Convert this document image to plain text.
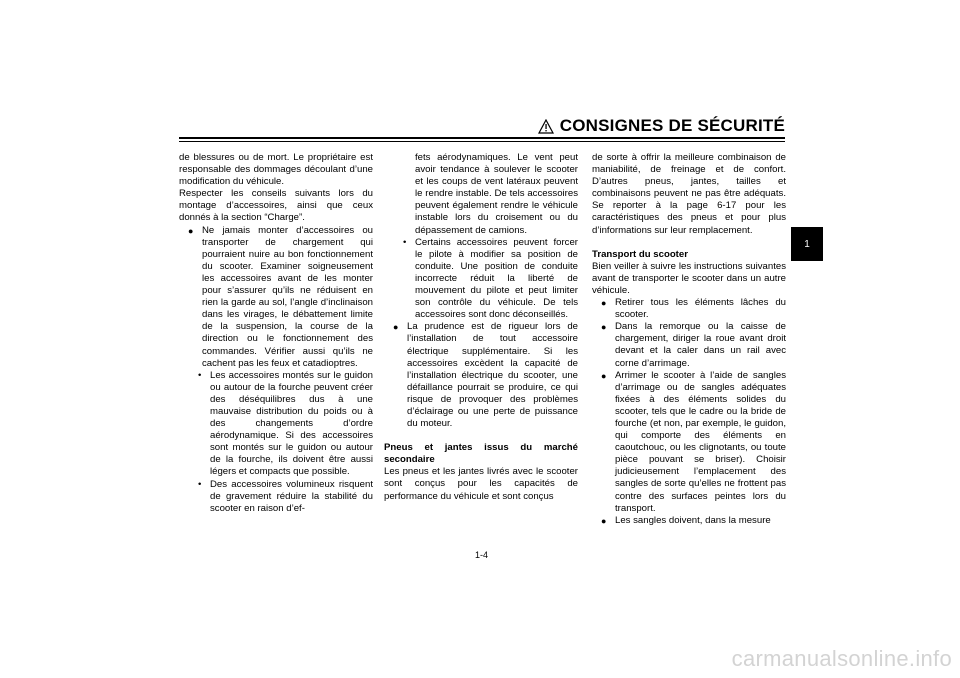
CONSIGNES DE SÉCURITÉ
1

de blessures ou de mort. Le propriétaire est responsable des dommages découlant d’une modification du véhicule.

Respecter les conseils suivants lors du montage d’accessoires, ainsi que ceux donnés à la section “Charge”.

● Ne jamais monter d’accessoires ou transporter de chargement qui pourraient nuire au bon fonctionnement du scooter. Examiner soigneusement les accessoires avant de les monter pour s’assurer qu’ils ne réduisent en rien la garde au sol, l’angle d’inclinaison dans les virages, le débattement limite de la suspension, la course de la direction ou le fonctionnement des commandes. Vérifier aussi qu’ils ne cachent pas les feux et catadioptres.
• Les accessoires montés sur le guidon ou autour de la fourche peuvent créer des déséquilibres dus à une mauvaise distribution du poids ou à des changements d’ordre aérodynamique. Si des accessoires sont montés sur le guidon ou autour de la fourche, ils doivent être aussi légers et compacts que possible.
• Des accessoires volumineux risquent de gravement réduire la stabilité du scooter en raison d’ef-

fets aérodynamiques. Le vent peut avoir tendance à soulever le scooter et les coups de vent latéraux peuvent le rendre instable. De tels accessoires peuvent également rendre le véhicule instable lors du croisement ou du dépassement de camions.

• Certains accessoires peuvent forcer le pilote à modifier sa position de conduite. Une position de conduite incorrecte réduit la liberté de mouvement du pilote et peut limiter son contrôle du véhicule. De tels accessoires sont donc déconseillés.
● La prudence est de rigueur lors de l’installation de tout accessoire électrique supplémentaire. Si les accessoires excèdent la capacité de l’installation électrique du scooter, une défaillance pourrait se produire, ce qui risque de provoquer des problèmes d’éclairage ou une perte de puissance du moteur.

Pneus et jantes issus du marché secondaire

Les pneus et les jantes livrés avec le scooter sont conçus pour les capacités de performance du véhicule et sont conçus

de sorte à offrir la meilleure combinaison de maniabilité, de freinage et de confort. D’autres pneus, jantes, tailles et combinaisons peuvent ne pas être adéquats. Se reporter à la page 6-17 pour les caractéristiques des pneus et pour plus d’informations sur leur remplacement.

Transport du scooter

Bien veiller à suivre les instructions suivantes avant de transporter le scooter dans un autre véhicule.

● Retirer tous les éléments lâches du scooter.
● Dans la remorque ou la caisse de chargement, diriger la roue avant droit devant et la caler dans un rail avec corne d’arrimage.
● Arrimer le scooter à l’aide de sangles d’arrimage ou de sangles adéquates fixées à des éléments solides du scooter, tels que le cadre ou la bride de fourche (et non, par exemple, le guidon, qui comporte des éléments en caoutchouc, ou les clignotants, ou toute pièce pouvant se briser). Choisir judicieusement l’emplacement des sangles de sorte qu’elles ne frottent pas contre des surfaces peintes lors du transport.
● Les sangles doivent, dans la mesure
1-4
carmanualsonline.info
